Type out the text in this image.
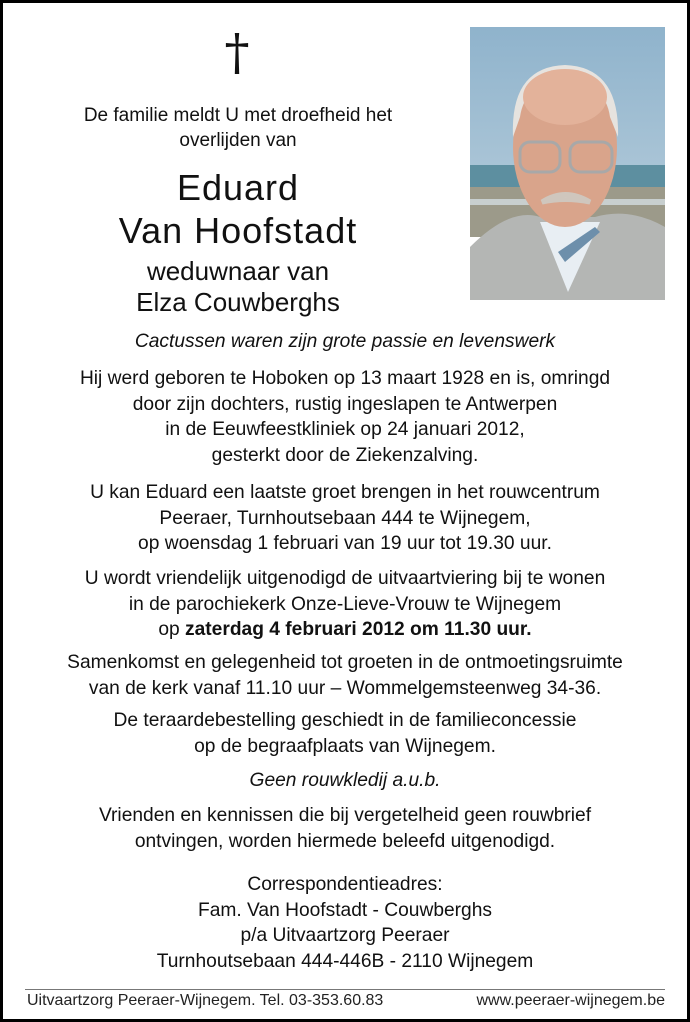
†
De familie meldt U met droefheid het
overlijden van
Eduard
Van Hoofstadt
weduwnaar van
Elza Couwberghs
Cactussen waren zijn grote passie en levenswerk
Hij werd geboren te Hoboken op 13 maart 1928 en is, omringd
door zijn dochters, rustig ingeslapen te Antwerpen
in de Eeuwfeestkliniek op 24 januari 2012,
gesterkt door de Ziekenzalving.
U kan Eduard een laatste groet brengen in het rouwcentrum
Peeraer, Turnhoutsebaan 444 te Wijnegem,
op woensdag 1 februari van 19 uur tot 19.30 uur.
U wordt vriendelijk uitgenodigd de uitvaartviering bij te wonen
in de parochiekerk Onze-Lieve-Vrouw te Wijnegem
op zaterdag 4 februari 2012 om 11.30 uur.
Samenkomst en gelegenheid tot groeten in de ontmoetingsruimte
van de kerk vanaf 11.10 uur – Wommelgemsteenweg 34-36.
De teraardebestelling geschiedt in de familieconcessie
op de begraafplaats van Wijnegem.
Geen rouwkledij a.u.b.
Vrienden en kennissen die bij vergetelheid geen rouwbrief
ontvingen, worden hiermede beleefd uitgenodigd.
Correspondentieadres:
Fam. Van Hoofstadt - Couwberghs
p/a Uitvaartzorg Peeraer
Turnhoutsebaan 444-446B - 2110 Wijnegem
Uitvaartzorg Peeraer-Wijnegem. Tel. 03-353.60.83	www.peeraer-wijnegem.be
